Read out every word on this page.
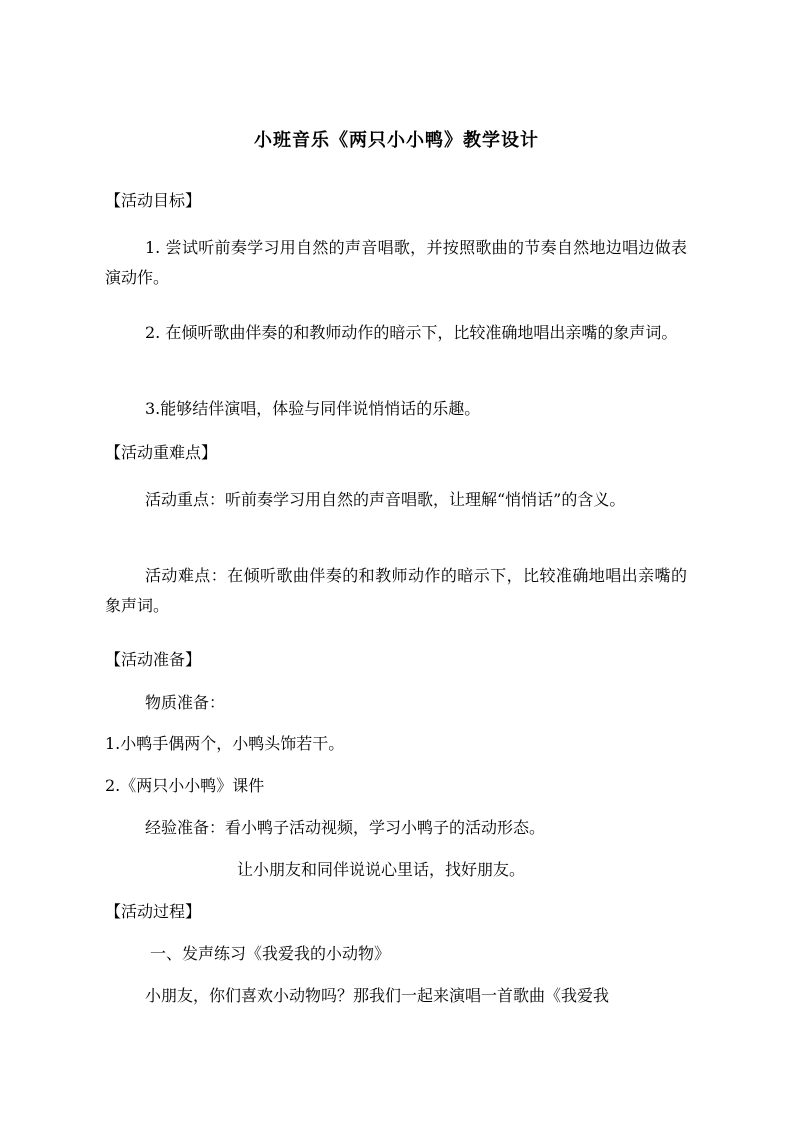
小班音乐《两只小小鸭》教学设计
【活动目标】
1. 尝试听前奏学习用自然的声音唱歌，并按照歌曲的节奏自然地边唱边做表演动作。
2. 在倾听歌曲伴奏的和教师动作的暗示下，比较准确地唱出亲嘴的象声词。
3.能够结伴演唱，体验与同伴说悄悄话的乐趣。
【活动重难点】
活动重点：听前奏学习用自然的声音唱歌，让理解“悄悄话”的含义。
活动难点：在倾听歌曲伴奏的和教师动作的暗示下，比较准确地唱出亲嘴的象声词。
【活动准备】
物质准备：
1.小鸭手偶两个，小鸭头饰若干。
2.《两只小小鸭》课件
经验准备：看小鸭子活动视频，学习小鸭子的活动形态。
让小朋友和同伴说说心里话，找好朋友。
【活动过程】
一、发声练习《我爱我的小动物》
小朋友，你们喜欢小动物吗？那我们一起来演唱一首歌曲《我爱我
